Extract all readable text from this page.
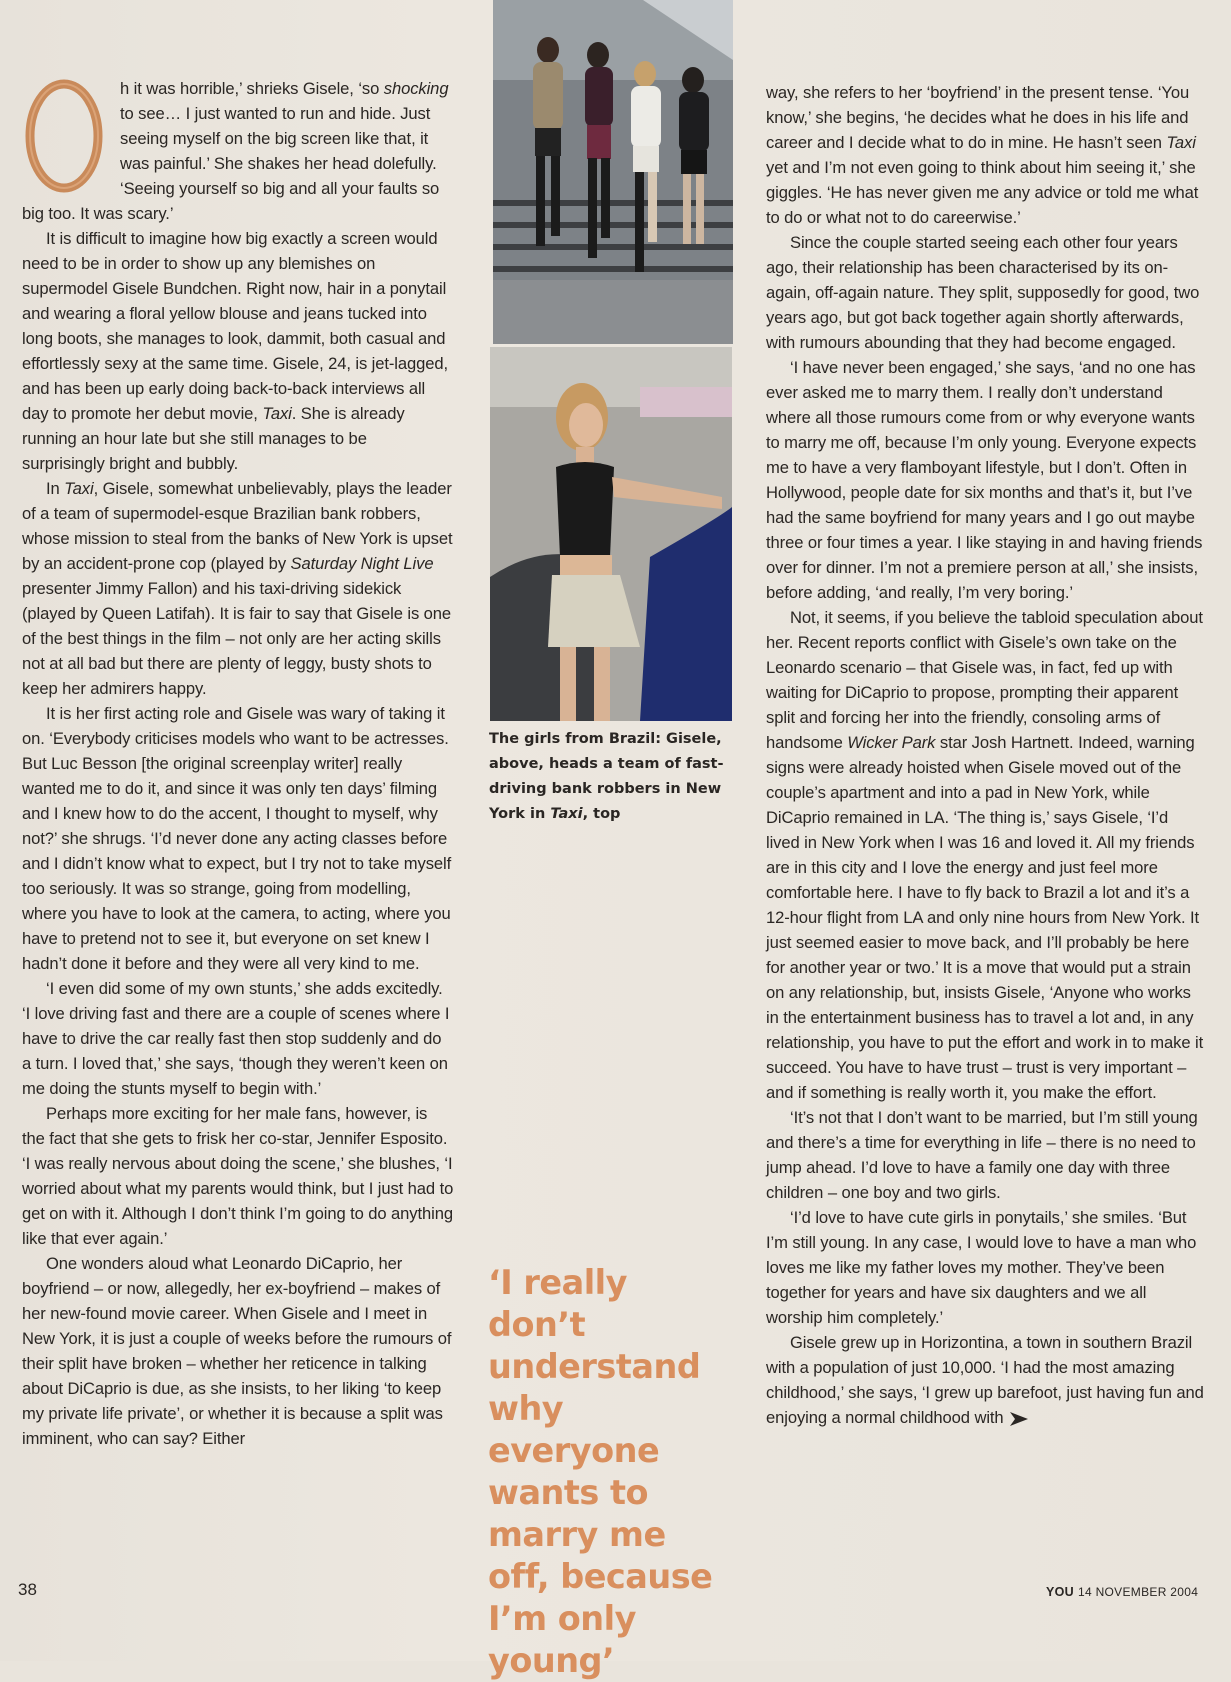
h it was horrible,’ shrieks Gisele, ‘so shocking to see… I just wanted to run and hide. Just seeing myself on the big screen like that, it was painful.’ She shakes her head dolefully. ‘Seeing yourself so big and all your faults so big too. It was scary.’

It is difficult to imagine how big exactly a screen would need to be in order to show up any blemishes on supermodel Gisele Bundchen. Right now, hair in a ponytail and wearing a floral yellow blouse and jeans tucked into long boots, she manages to look, dammit, both casual and effortlessly sexy at the same time. Gisele, 24, is jet-lagged, and has been up early doing back-to-back interviews all day to promote her debut movie, Taxi. She is already running an hour late but she still manages to be surprisingly bright and bubbly.

In Taxi, Gisele, somewhat unbelievably, plays the leader of a team of supermodel-esque Brazilian bank robbers, whose mission to steal from the banks of New York is upset by an accident-prone cop (played by Saturday Night Live presenter Jimmy Fallon) and his taxi-driving sidekick (played by Queen Latifah). It is fair to say that Gisele is one of the best things in the film – not only are her acting skills not at all bad but there are plenty of leggy, busty shots to keep her admirers happy.

It is her first acting role and Gisele was wary of taking it on. ‘Everybody criticises models who want to be actresses. But Luc Besson [the original screenplay writer] really wanted me to do it, and since it was only ten days’ filming and I knew how to do the accent, I thought to myself, why not?’ she shrugs. ‘I’d never done any acting classes before and I didn’t know what to expect, but I try not to take myself too seriously. It was so strange, going from modelling, where you have to look at the camera, to acting, where you have to pretend not to see it, but everyone on set knew I hadn’t done it before and they were all very kind to me.

‘I even did some of my own stunts,’ she adds excitedly. ‘I love driving fast and there are a couple of scenes where I have to drive the car really fast then stop suddenly and do a turn. I loved that,’ she says, ‘though they weren’t keen on me doing the stunts myself to begin with.’

Perhaps more exciting for her male fans, however, is the fact that she gets to frisk her co-star, Jennifer Esposito. ‘I was really nervous about doing the scene,’ she blushes, ‘I worried about what my parents would think, but I just had to get on with it. Although I don’t think I’m going to do anything like that ever again.’

One wonders aloud what Leonardo DiCaprio, her boyfriend – or now, allegedly, her ex-boyfriend – makes of her new-found movie career. When Gisele and I meet in New York, it is just a couple of weeks before the rumours of their split have broken – whether her reticence in talking about DiCaprio is due, as she insists, to her liking ‘to keep my private life private’, or whether it is because a split was imminent, who can say? Either

The girls from Brazil: Gisele, above, heads a team of fast-driving bank robbers in New York in Taxi, top
‘I really don’t understand why everyone wants to marry me off, because I’m only young’

way, she refers to her ‘boyfriend’ in the present tense. ‘You know,’ she begins, ‘he decides what he does in his life and career and I decide what to do in mine. He hasn’t seen Taxi yet and I’m not even going to think about him seeing it,’ she giggles. ‘He has never given me any advice or told me what to do or what not to do careerwise.’

Since the couple started seeing each other four years ago, their relationship has been characterised by its on-again, off-again nature. They split, supposedly for good, two years ago, but got back together again shortly afterwards, with rumours abounding that they had become engaged.

‘I have never been engaged,’ she says, ‘and no one has ever asked me to marry them. I really don’t understand where all those rumours come from or why everyone wants to marry me off, because I’m only young. Everyone expects me to have a very flamboyant lifestyle, but I don’t. Often in Hollywood, people date for six months and that’s it, but I’ve had the same boyfriend for many years and I go out maybe three or four times a year. I like staying in and having friends over for dinner. I’m not a premiere person at all,’ she insists, before adding, ‘and really, I’m very boring.’

Not, it seems, if you believe the tabloid speculation about her. Recent reports conflict with Gisele’s own take on the Leonardo scenario – that Gisele was, in fact, fed up with waiting for DiCaprio to propose, prompting their apparent split and forcing her into the friendly, consoling arms of handsome Wicker Park star Josh Hartnett. Indeed, warning signs were already hoisted when Gisele moved out of the couple’s apartment and into a pad in New York, while DiCaprio remained in LA. ‘The thing is,’ says Gisele, ‘I’d lived in New York when I was 16 and loved it. All my friends are in this city and I love the energy and just feel more comfortable here. I have to fly back to Brazil a lot and it’s a 12-hour flight from LA and only nine hours from New York. It just seemed easier to move back, and I’ll probably be here for another year or two.’ It is a move that would put a strain on any relationship, but, insists Gisele, ‘Anyone who works in the entertainment business has to travel a lot and, in any relationship, you have to put the effort and work in to make it succeed. You have to have trust – trust is very important – and if something is really worth it, you make the effort.

‘It’s not that I don’t want to be married, but I’m still young and there’s a time for everything in life – there is no need to jump ahead. I’d love to have a family one day with three children – one boy and two girls.

‘I’d love to have cute girls in ponytails,’ she smiles. ‘But I’m still young. In any case, I would love to have a man who loves me like my father loves my mother. They’ve been together for years and have six daughters and we all worship him completely.’

Gisele grew up in Horizontina, a town in southern Brazil with a population of just 10,000. ‘I had the most amazing childhood,’ she says, ‘I grew up barefoot, just having fun and enjoying a normal childhood with

38	YOU 14 NOVEMBER 2004
